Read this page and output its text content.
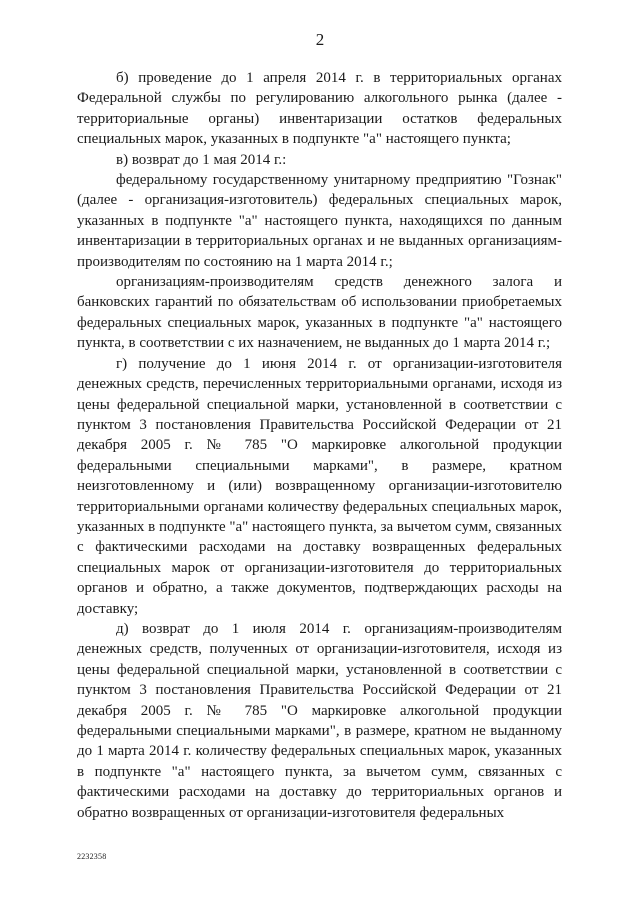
2

б) проведение до 1 апреля 2014 г. в территориальных органах Федеральной службы по регулированию алкогольного рынка (далее - территориальные органы) инвентаризации остатков федеральных специальных марок, указанных в подпункте "а" настоящего пункта;

в) возврат до 1 мая 2014 г.:

федеральному государственному унитарному предприятию "Гознак" (далее - организация-изготовитель) федеральных специальных марок, указанных в подпункте "а" настоящего пункта, находящихся по данным инвентаризации в территориальных органах и не выданных организациям-производителям по состоянию на 1 марта 2014 г.;

организациям-производителям средств денежного залога и банковских гарантий по обязательствам об использовании приобретаемых федеральных специальных марок, указанных в подпункте "а" настоящего пункта, в соответствии с их назначением, не выданных до 1 марта 2014 г.;

г) получение до 1 июня 2014 г. от организации-изготовителя денежных средств, перечисленных территориальными органами, исходя из цены федеральной специальной марки, установленной в соответствии с пунктом 3 постановления Правительства Российской Федерации от 21 декабря 2005 г. № 785 "О маркировке алкогольной продукции федеральными специальными марками", в размере, кратном неизготовленному и (или) возвращенному организации-изготовителю территориальными органами количеству федеральных специальных марок, указанных в подпункте "а" настоящего пункта, за вычетом сумм, связанных с фактическими расходами на доставку возвращенных федеральных специальных марок от организации-изготовителя до территориальных органов и обратно, а также документов, подтверждающих расходы на доставку;

д) возврат до 1 июля 2014 г. организациям-производителям денежных средств, полученных от организации-изготовителя, исходя из цены федеральной специальной марки, установленной в соответствии с пунктом 3 постановления Правительства Российской Федерации от 21 декабря 2005 г. № 785 "О маркировке алкогольной продукции федеральными специальными марками", в размере, кратном не выданному до 1 марта 2014 г. количеству федеральных специальных марок, указанных в подпункте "а" настоящего пункта, за вычетом сумм, связанных с фактическими расходами на доставку до территориальных органов и обратно возвращенных от организации-изготовителя федеральных

2232358
